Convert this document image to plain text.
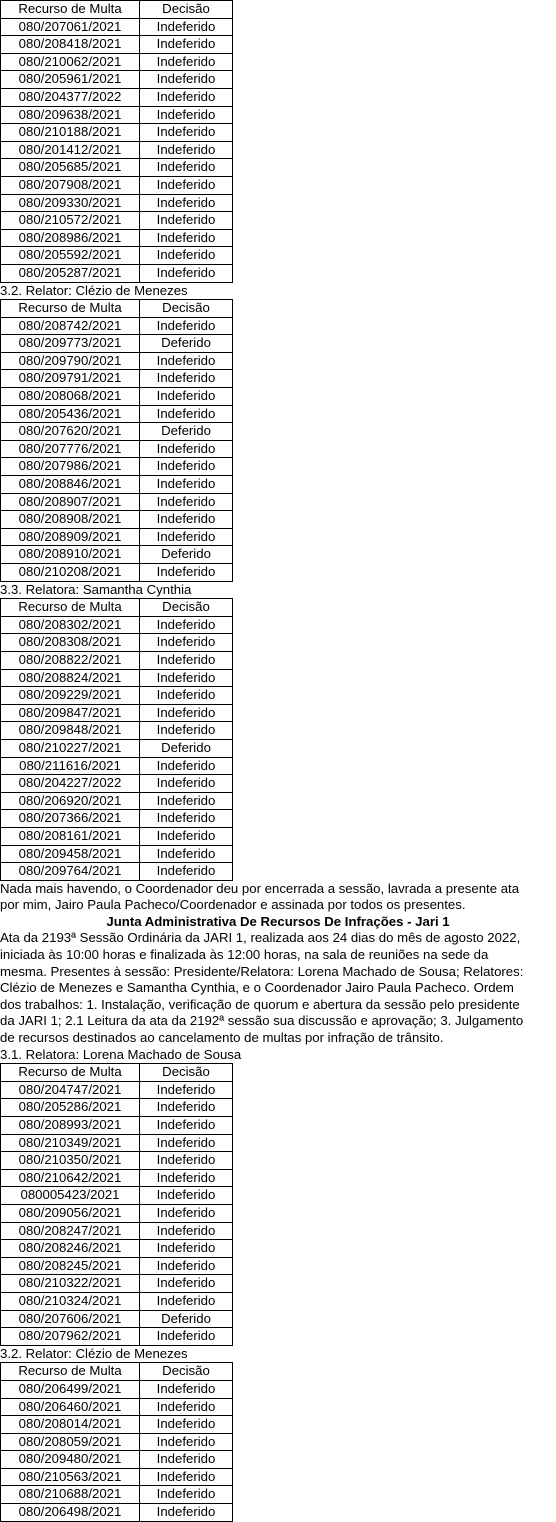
Recurso de Multa	Decisão
080/207061/2021	Indeferido
080/208418/2021	Indeferido
080/210062/2021	Indeferido
080/205961/2021	Indeferido
080/204377/2022	Indeferido
080/209638/2021	Indeferido
080/210188/2021	Indeferido
080/201412/2021	Indeferido
080/205685/2021	Indeferido
080/207908/2021	Indeferido
080/209330/2021	Indeferido
080/210572/2021	Indeferido
080/208986/2021	Indeferido
080/205592/2021	Indeferido
080/205287/2021	Indeferido
3.2. Relator: Clézio de Menezes
Recurso de Multa	Decisão
080/208742/2021	Indeferido
080/209773/2021	Deferido
080/209790/2021	Indeferido
080/209791/2021	Indeferido
080/208068/2021	Indeferido
080/205436/2021	Indeferido
080/207620/2021	Deferido
080/207776/2021	Indeferido
080/207986/2021	Indeferido
080/208846/2021	Indeferido
080/208907/2021	Indeferido
080/208908/2021	Indeferido
080/208909/2021	Indeferido
080/208910/2021	Deferido
080/210208/2021	Indeferido
3.3. Relatora: Samantha Cynthia
Recurso de Multa	Decisão
080/208302/2021	Indeferido
080/208308/2021	Indeferido
080/208822/2021	Indeferido
080/208824/2021	Indeferido
080/209229/2021	Indeferido
080/209847/2021	Indeferido
080/209848/2021	Indeferido
080/210227/2021	Deferido
080/211616/2021	Indeferido
080/204227/2022	Indeferido
080/206920/2021	Indeferido
080/207366/2021	Indeferido
080/208161/2021	Indeferido
080/209458/2021	Indeferido
080/209764/2021	Indeferido
Nada mais havendo, o Coordenador deu por encerrada a sessão, lavrada a presente ata
por mim, Jairo Paula Pacheco/Coordenador e assinada por todos os presentes.
Junta Administrativa De Recursos De Infrações - Jari 1
Ata da 2193ª Sessão Ordinária da JARI 1, realizada aos 24 dias do mês de agosto 2022,
iniciada às 10:00 horas e finalizada às 12:00 horas, na sala de reuniões na sede da
mesma. Presentes à sessão: Presidente/Relatora: Lorena Machado de Sousa; Relatores:
Clézio de Menezes e Samantha Cynthia, e o Coordenador Jairo Paula Pacheco. Ordem
dos trabalhos: 1. Instalação, verificação de quorum e abertura da sessão pelo presidente
da JARI 1; 2.1 Leitura da ata da 2192ª sessão sua discussão e aprovação; 3. Julgamento
de recursos destinados ao cancelamento de multas por infração de trânsito.
3.1. Relatora: Lorena Machado de Sousa
Recurso de Multa	Decisão
080/204747/2021	Indeferido
080/205286/2021	Indeferido
080/208993/2021	Indeferido
080/210349/2021	Indeferido
080/210350/2021	Indeferido
080/210642/2021	Indeferido
080005423/2021	Indeferido
080/209056/2021	Indeferido
080/208247/2021	Indeferido
080/208246/2021	Indeferido
080/208245/2021	Indeferido
080/210322/2021	Indeferido
080/210324/2021	Indeferido
080/207606/2021	Deferido
080/207962/2021	Indeferido
3.2. Relator: Clézio de Menezes
Recurso de Multa	Decisão
080/206499/2021	Indeferido
080/206460/2021	Indeferido
080/208014/2021	Indeferido
080/208059/2021	Indeferido
080/209480/2021	Indeferido
080/210563/2021	Indeferido
080/210688/2021	Indeferido
080/206498/2021	Indeferido
